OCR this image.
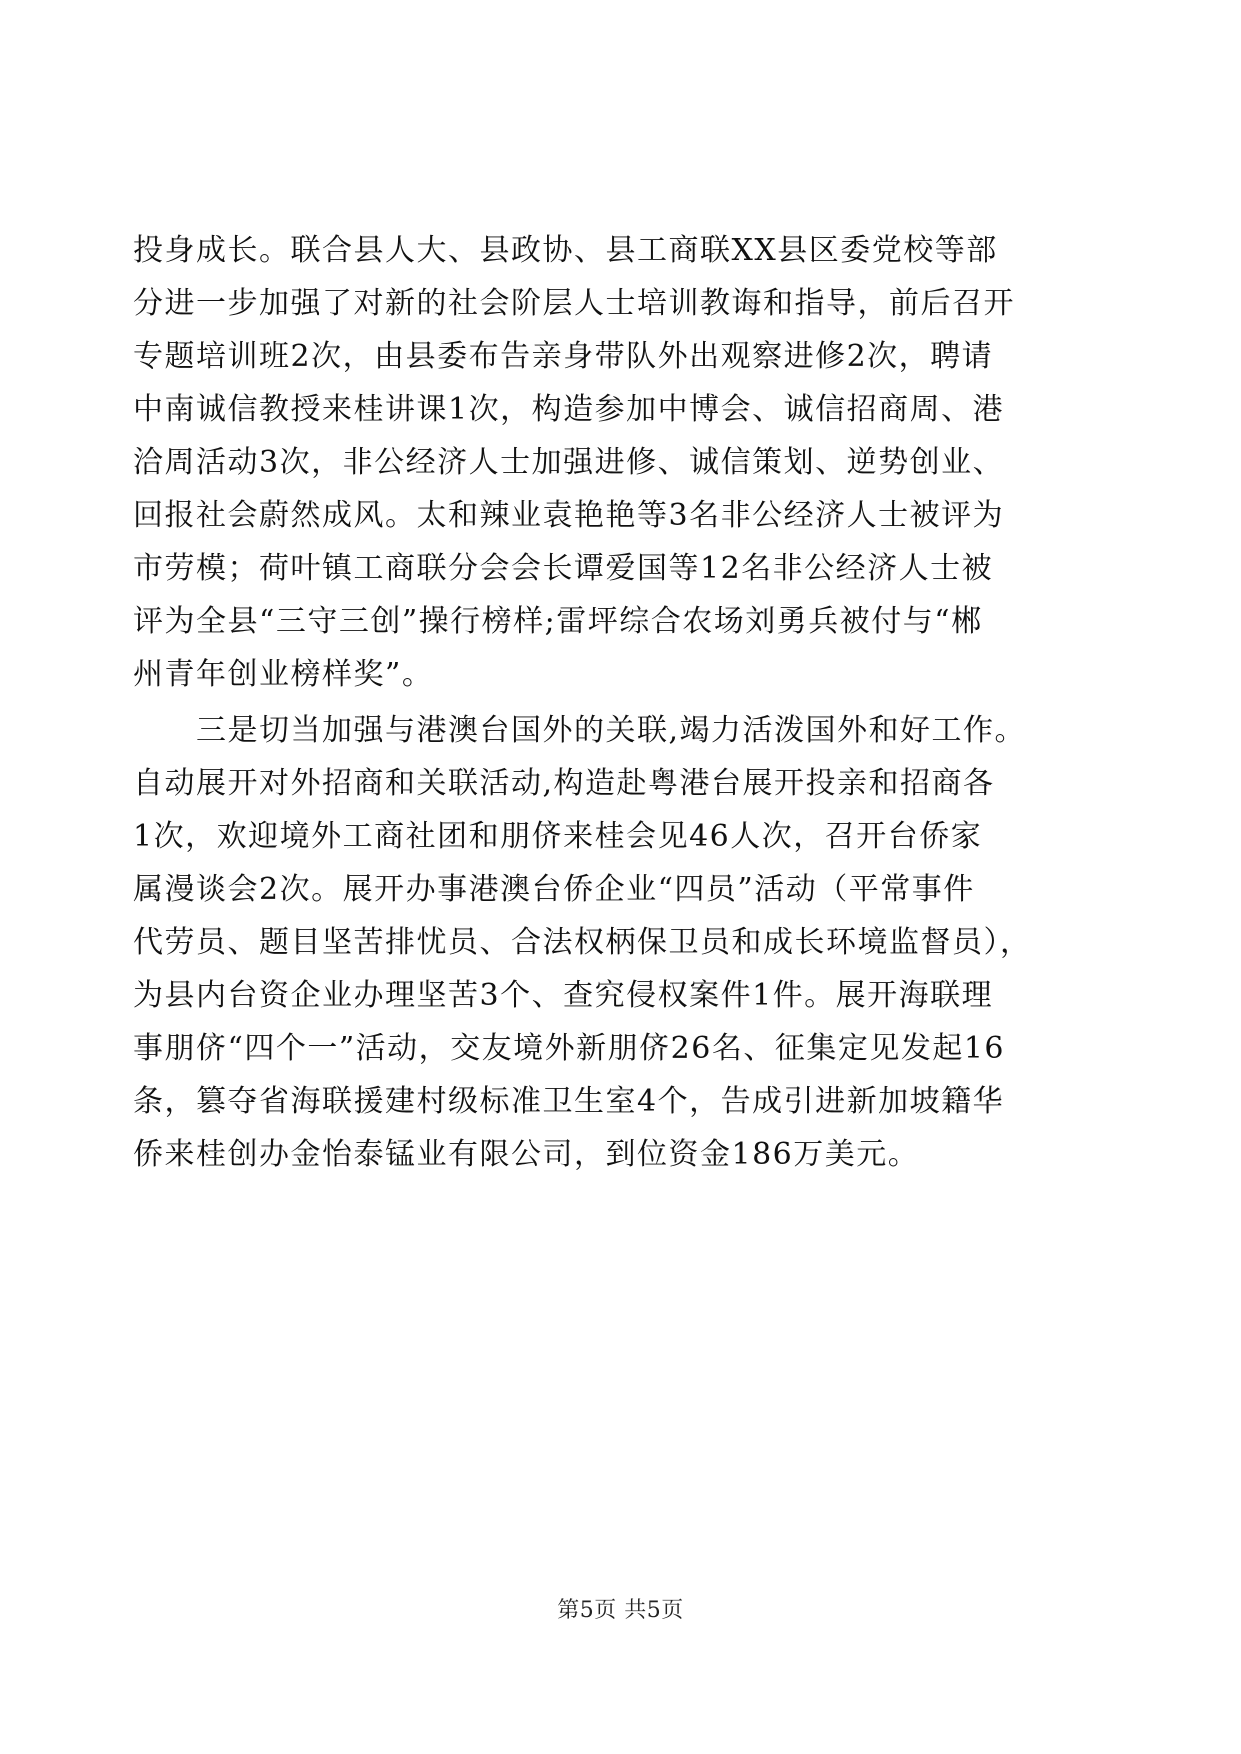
投身成长。联合县人大、县政协、县工商联XX县区委党校等部
分进一步加强了对新的社会阶层人士培训教诲和指导，前后召开
专题培训班2次，由县委布告亲身带队外出观察进修2次，聘请
中南诚信教授来桂讲课1次，构造参加中博会、诚信招商周、港
洽周活动3次，非公经济人士加强进修、诚信策划、逆势创业、
回报社会蔚然成风。太和辣业袁艳艳等3名非公经济人士被评为
市劳模；荷叶镇工商联分会会长谭爱国等12名非公经济人士被
评为全县“三守三创”操行榜样;雷坪综合农场刘勇兵被付与“郴
州青年创业榜样奖”。
　　三是切当加强与港澳台国外的关联,竭力活泼国外和好工作。
自动展开对外招商和关联活动,构造赴粤港台展开投亲和招商各
1次，欢迎境外工商社团和朋侪来桂会见46人次，召开台侨家
属漫谈会2次。展开办事港澳台侨企业“四员”活动（平常事件
代劳员、题目坚苦排忧员、合法权柄保卫员和成长环境监督员），
为县内台资企业办理坚苦3个、查究侵权案件1件。展开海联理
事朋侪“四个一”活动，交友境外新朋侪26名、征集定见发起16
条，篡夺省海联援建村级标准卫生室4个，告成引进新加坡籍华
侨来桂创办金怡泰锰业有限公司，到位资金186万美元。
第5页 共5页
